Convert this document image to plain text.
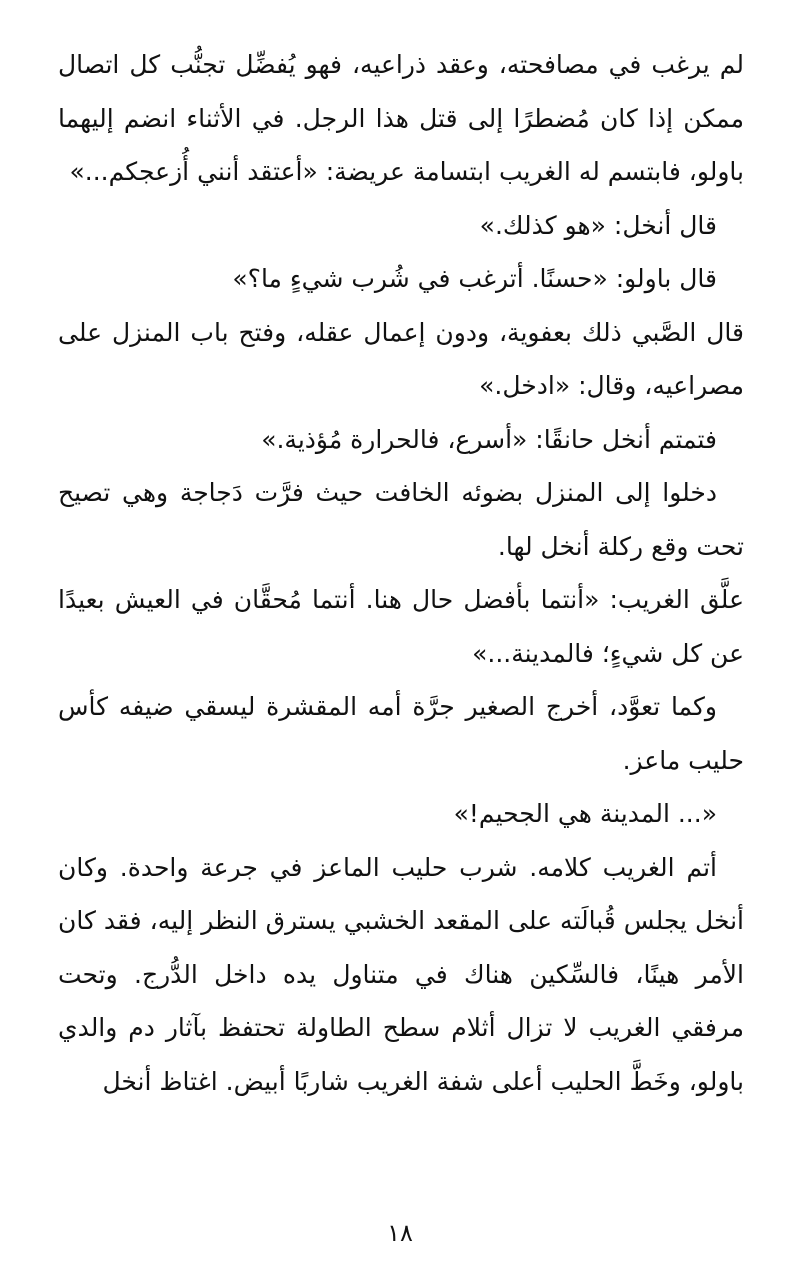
لم يرغب في مصافحته، وعقد ذراعيه، فهو يُفضِّل تجنُّب كل اتصال ممكن إذا كان مُضطرًا إلى قتل هذا الرجل. في الأثناء انضم إليهما باولو، فابتسم له الغريب ابتسامة عريضة: «أعتقد أنني أُزعجكم...»

قال أنخل: «هو كذلك.»

قال باولو: «حسنًا. أترغب في شُرب شيءٍ ما؟»

قال الصَّبي ذلك بعفوية، ودون إعمال عقله، وفتح باب المنزل على مصراعيه، وقال: «ادخل.»

فتمتم أنخل حانقًا: «أسرع، فالحرارة مُؤذية.»

دخلوا إلى المنزل بضوئه الخافت حيث فرَّت دَجاجة وهي تصيح تحت وقع ركلة أنخل لها.

علَّق الغريب: «أنتما بأفضل حال هنا. أنتما مُحقَّان في العيش بعيدًا عن كل شيءٍ؛ فالمدينة...»

وكما تعوَّد، أخرج الصغير جرَّة أمه المقشرة ليسقي ضيفه كأس حليب ماعز.

«... المدينة هي الجحيم!»

أتم الغريب كلامه. شرب حليب الماعز في جرعة واحدة. وكان أنخل يجلس قُبالَته على المقعد الخشبي يسترق النظر إليه، فقد كان الأمر هينًا، فالسِّكين هناك في متناول يده داخل الدُّرج. وتحت مرفقي الغريب لا تزال أثلام سطح الطاولة تحتفظ بآثار دم والدي باولو، وخَطَّ الحليب أعلى شفة الغريب شاربًا أبيض. اغتاظ أنخل

١٨
